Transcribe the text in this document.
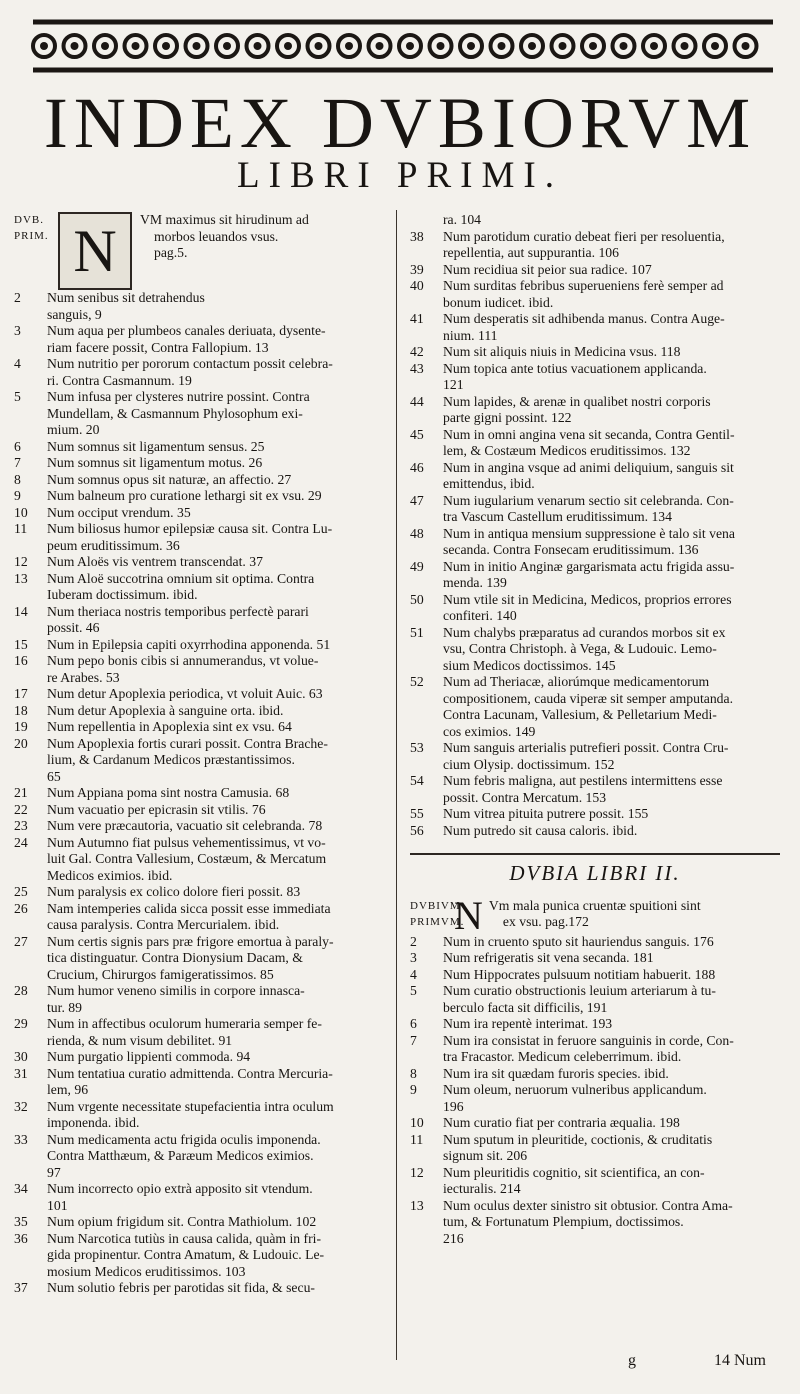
INDEX DVBIORVM
LIBRI PRIMI.
DVB.
PRIM. N	VM maximus sit hirudinum ad
morbos leuandos vsus.
pag.5.
2	Num senibus sit detrahendus
sanguis, 9
3	Num aqua per plumbeos canales deriuata, dysente-
riam facere possit, Contra Fallopium. 13
4	Num nutritio per pororum contactum possit celebra-
ri. Contra Casmannum. 19
5	Num infusa per clysteres nutrire possint. Contra
Mundellam, & Casmannum Phylosophum exi-
mium. 20
6	Num somnus sit ligamentum sensus. 25
7	Num somnus sit ligamentum motus. 26
8	Num somnus opus sit naturæ, an affectio. 27
9	Num balneum pro curatione lethargi sit ex vsu. 29
10	Num occiput vrendum. 35
11	Num biliosus humor epilepsiæ causa sit. Contra Lu-
peum eruditissimum. 36
12	Num Aloës vis ventrem transcendat. 37
13	Num Aloë succotrina omnium sit optima. Contra
Iuberam doctissimum. ibid.
14	Num theriaca nostris temporibus perfectè parari
possit. 46
15	Num in Epilepsia capiti oxyrrhodina apponenda. 51
16	Num pepo bonis cibis si annumerandus, vt volue-
re Arabes. 53
17	Num detur Apoplexia periodica, vt voluit Auic. 63
18	Num detur Apoplexia à sanguine orta. ibid.
19	Num repellentia in Apoplexia sint ex vsu. 64
20	Num Apoplexia fortis curari possit. Contra Brache-
lium, & Cardanum Medicos præstantissimos.
65
21	Num Appiana poma sint nostra Camusia. 68
22	Num vacuatio per epicrasin sit vtilis. 76
23	Num vere præcautoria, vacuatio sit celebranda. 78
24	Num Autumno fiat pulsus vehementissimus, vt vo-
luit Gal. Contra Vallesium, Costæum, & Mercatum
Medicos eximios. ibid.
25	Num paralysis ex colico dolore fieri possit. 83
26	Nam intemperies calida sicca possit esse immediata
causa paralysis. Contra Mercurialem. ibid.
27	Num certis signis pars præ frigore emortua à paraly-
tica distinguatur. Contra Dionysium Dacam, &
Crucium, Chirurgos famigeratissimos. 85
28	Num humor veneno similis in corpore innasca-
tur. 89
29	Num in affectibus oculorum humeraria semper fe-
rienda, & num visum debilitet. 91
30	Num purgatio lippienti commoda. 94
31	Num tentatiua curatio admittenda. Contra Mercuria-
lem, 96
32	Num vrgente necessitate stupefacientia intra oculum
imponenda. ibid.
33	Num medicamenta actu frigida oculis imponenda.
Contra Matthæum, & Paræum Medicos eximios.
97
34	Num incorrecto opio extrà apposito sit vtendum.
101
35	Num opium frigidum sit. Contra Mathiolum. 102
36	Num Narcotica tutiùs in causa calida, quàm in fri-
gida propinentur. Contra Amatum, & Ludouic. Le-
mosium Medicos eruditissimos. 103
37	Num solutio febris per parotidas sit fida, & secu-
ra. 104
38	Num parotidum curatio debeat fieri per resoluentia,
repellentia, aut suppurantia. 106
39	Num recidiua sit peior sua radice. 107
40	Num surditas febribus superueniens ferè semper ad
bonum iudicet. ibid.
41	Num desperatis sit adhibenda manus. Contra Auge-
nium. 111
42	Num sit aliquis niuis in Medicina vsus. 118
43	Num topica ante totius vacuationem applicanda.
121
44	Num lapides, & arenæ in qualibet nostri corporis
parte gigni possint. 122
45	Num in omni angina vena sit secanda, Contra Gentil-
lem, & Costæum Medicos eruditissimos. 132
46	Num in angina vsque ad animi deliquium, sanguis sit
emittendus, ibid.
47	Num iugularium venarum sectio sit celebranda. Con-
tra Vascum Castellum eruditissimum. 134
48	Num in antiqua mensium suppressione è talo sit vena
secanda. Contra Fonsecam eruditissimum. 136
49	Num in initio Anginæ gargarismata actu frigida assu-
menda. 139
50	Num vtile sit in Medicina, Medicos, proprios errores
confiteri. 140
51	Num chalybs præparatus ad curandos morbos sit ex
vsu, Contra Christoph. à Vega, & Ludouic. Lemo-
sium Medicos doctissimos. 145
52	Num ad Theriacæ, aliorúmque medicamentorum
compositionem, cauda viperæ sit semper amputanda.
Contra Lacunam, Vallesium, & Pelletarium Medi-
cos eximios. 149
53	Num sanguis arterialis putrefieri possit. Contra Cru-
cium Olysip. doctissimum. 152
54	Num febris maligna, aut pestilens intermittens esse
possit. Contra Mercatum. 153
55	Num vitrea pituita putrere possit. 155
56	Num putredo sit causa caloris. ibid.
DVBIA LIBRI II.
DVBIVM
PRIMVM.
N Vm mala punica cruentæ spuitioni sint
ex vsu. pag.172
2	Num in cruento sputo sit hauriendus sanguis. 176
3	Num refrigeratis sit vena secanda. 181
4	Num Hippocrates pulsuum notitiam habuerit. 188
5	Num curatio obstructionis leuium arteriarum à tu-
berculo facta sit difficilis, 191
6	Num ira repentè interimat. 193
7	Num ira consistat in feruore sanguinis in corde, Con-
tra Fracastor. Medicum celeberrimum. ibid.
8	Num ira sit quædam furoris species. ibid.
9	Num oleum, neruorum vulneribus applicandum.
196
10	Num curatio fiat per contraria æqualia. 198
11	Num sputum in pleuritide, coctionis, & cruditatis
signum sit. 206
12	Num pleuritidis cognitio, sit scientifica, an con-
iecturalis. 214
13	Num oculus dexter sinistro sit obtusior. Contra Ama-
tum, & Fortunatum Plempium, doctissimos.
216
g	14 Num
